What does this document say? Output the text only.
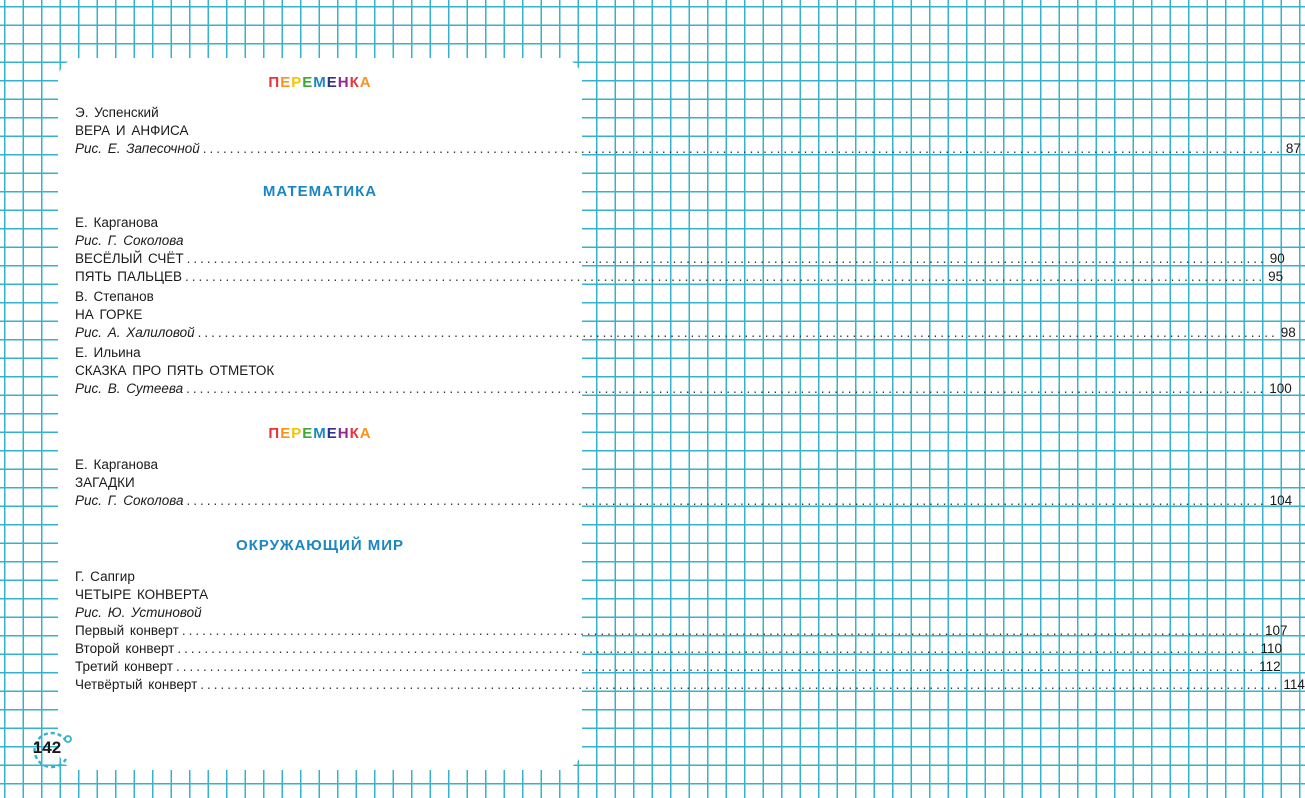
ПЕРЕМЕНКА
Э. Успенский
ВЕРА И АНФИСА
Рис. Е. Запесочной ................................................................................................................................................................ 87
МАТЕМАТИКА
Е. Карганова
Рис. Г. Соколова
ВЕСЁЛЫЙ СЧЁТ ................................................................................................................................................................ 90
ПЯТЬ ПАЛЬЦЕВ ................................................................................................................................................................ 95
В. Степанов
НА ГОРКЕ
Рис. А. Халиловой ................................................................................................................................................................ 98
Е. Ильина
СКАЗКА ПРО ПЯТЬ ОТМЕТОК
Рис. В. Сутеева ................................................................................................................................................................ 100
ПЕРЕМЕНКА
Е. Карганова
ЗАГАДКИ
Рис. Г. Соколова ................................................................................................................................................................ 104
ОКРУЖАЮЩИЙ МИР
Г. Сапгир
ЧЕТЫРЕ КОНВЕРТА
Рис. Ю. Устиновой
Первый конверт ................................................................................................................................................................ 107
Второй конверт ................................................................................................................................................................ 110
Третий конверт ................................................................................................................................................................ 112
Четвёртый конверт ................................................................................................................................................................ 114
142
